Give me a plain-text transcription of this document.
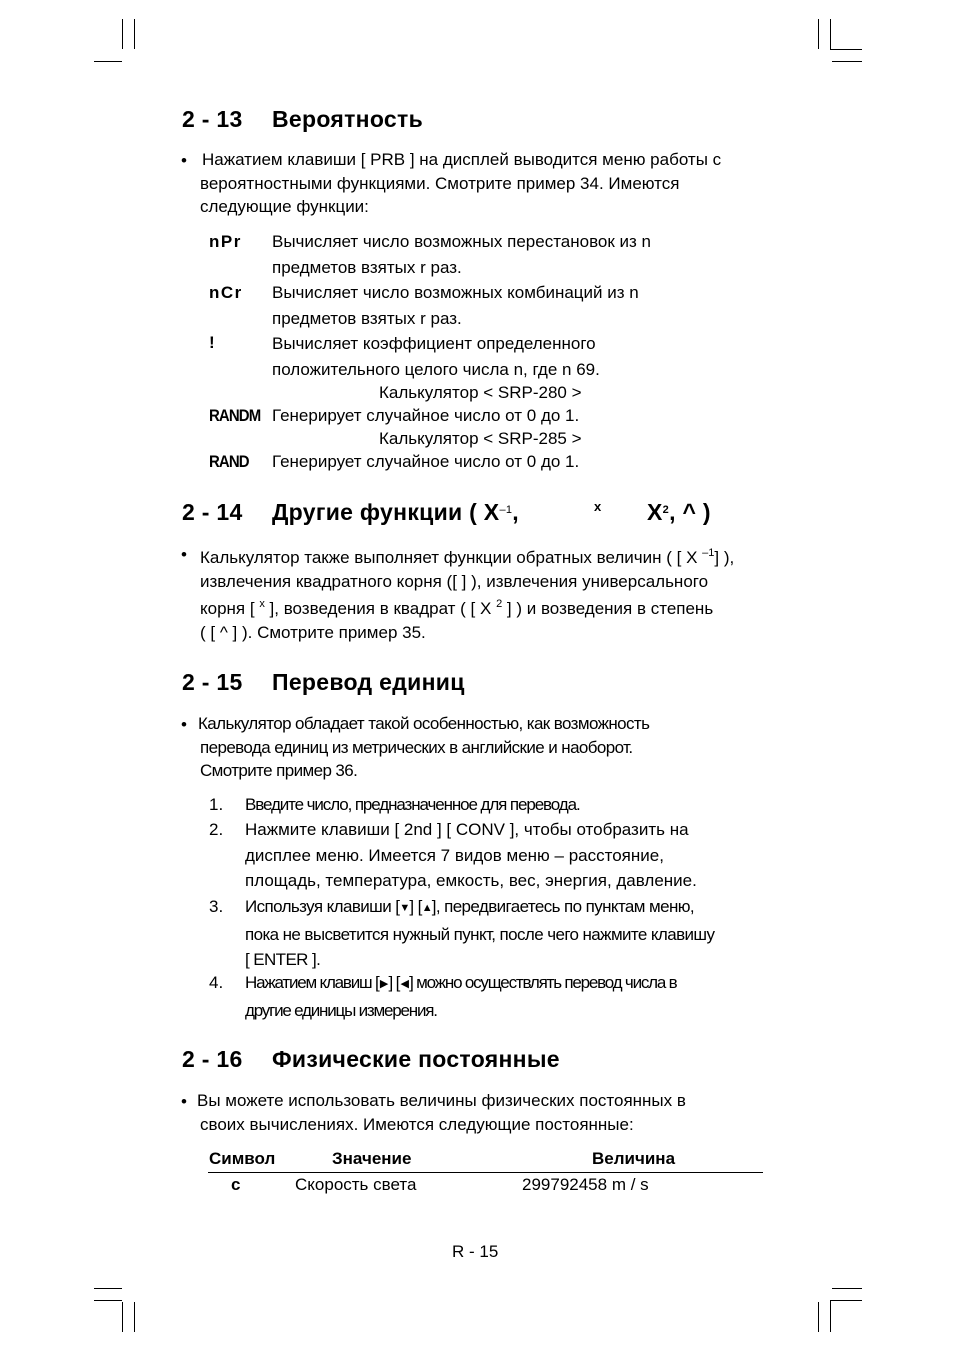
2 - 13 Вероятность
• Нажатием клавиши [ PRB ] на дисплей выводится меню работы с
вероятностными функциями. Смотрите пример 34. Имеются
следующие функции:
nPr Вычисляет число возможных перестановок из n
предметов взятых r раз.
nCr Вычисляет число возможных комбинаций из n
предметов взятых r раз.
!	Вычисляет коэффициент определенного
положительного целого числа n, где n 69.
Калькулятор < SRP-280 >
RANDM Генерирует случайное число от 0 до 1.
Калькулятор < SRP-285 >
RAND Генерирует случайное число от 0 до 1.
2 - 14 Другие функции ( $X^{-1}$,	x $X^2$, ^ )
• Калькулятор также выполняет функции обратных величин ( [ X $^{-1}$] ),
извлечения квадратного корня ([ ] ), извлечения универсального
корня [ $^x$ ], возведения в квадрат ( [ X $^2$ ] ) и возведения в степень
( [ ^ ] ). Смотрите пример 35.
2 - 15 Перевод единиц
• Калькулятор обладает такой особенностью, как возможность
перевода единиц из метрических в английские и наоборот.
Смотрите пример 36.
1. Введите число, предназначенное для перевода.
2. Нажмите клавиши [ 2nd ] [ CONV ], чтобы отобразить на
дисплее меню. Имеется 7 видов меню – расстояние,
площадь, температура, емкость, вес, энергия, давление.
3. Используя клавиши [▼] [▲], передвигаетесь по пунктам меню,
пока не высветится нужный пункт, после чего нажмите клавишу
[ ENTER ].
4. Нажатием клавиш [▶] [◀] можно осуществлять перевод числа в
другие единицы измерения.
2 - 16 Физические постоянные
• Вы можете использовать величины физических постоянных в
своих вычислениях. Имеются следующие постоянные:
Символ	Значение	Величина
c	Скорость света	299792458 m / s
R - 15
